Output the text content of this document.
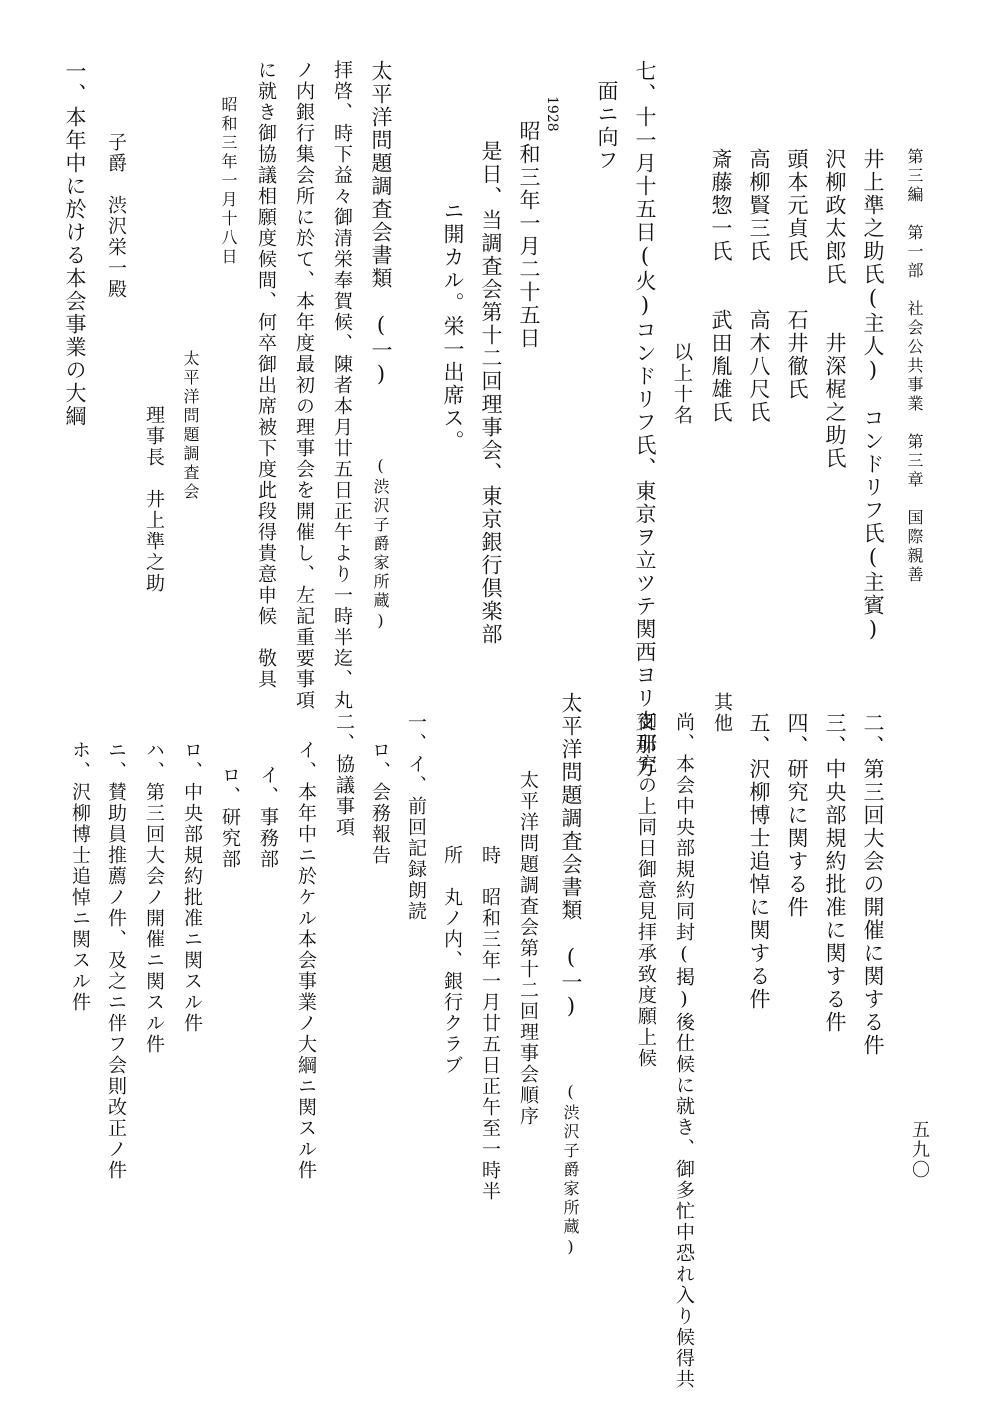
第三編　第一部　社会公共事業　第三章　国際親善
五九〇
井上準之助氏(主人)　コンドリフ氏(主賓)
沢柳政太郎氏　　井深梶之助氏
頭本元貞氏　　石井徹氏
高柳賢三氏　　高木八尺氏
斎藤惣一氏　　武田胤雄氏
以上十名
七、十一月十五日(火)コンドリフ氏、東京ヲ立ツテ関西ヨリ支那方
面ニ向フ
1928
昭和三年一月二十五日
是日、当調査会第十二回理事会、東京銀行倶楽部
ニ開カル。栄一出席ス。
太平洋問題調査会書類　(一)
(渋沢子爵家所蔵)
拝啓、時下益々御清栄奉賀候、陳者本月廿五日正午より一時半迄、丸
ノ内銀行集会所に於て、本年度最初の理事会を開催し、左記重要事項
に就き御協議相願度候間、何卒御出席被下度此段得貴意申候　敬具
昭和三年一月十八日
太平洋問題調査会
理事長　井上準之助
子爵　渋沢栄一殿
一、本年中に於ける本会事業の大綱
二、第三回大会の開催に関する件
三、中央部規約批准に関する件
四、研究に関する件
五、沢柳博士追悼に関する件
其他
尚、本会中央部規約同封(掲)後仕候に就き、御多忙中恐れ入り候得共
御研究の上同日御意見拝承致度願上候
太平洋問題調査会書類　(一)
(渋沢子爵家所蔵)
太平洋問題調査会第十二回理事会順序
時　昭和三年一月廿五日正午至一時半
所　丸ノ内、銀行クラブ
一、イ、前回記録朗読
ロ、会務報告
二、協議事項
イ、本年中ニ於ケル本会事業ノ大綱ニ関スル件
イ、事務部
ロ、研究部
ロ、中央部規約批准ニ関スル件
ハ、第三回大会ノ開催ニ関スル件
ニ、賛助員推薦ノ件、及之ニ伴フ会則改正ノ件
ホ、沢柳博士追悼ニ関スル件
